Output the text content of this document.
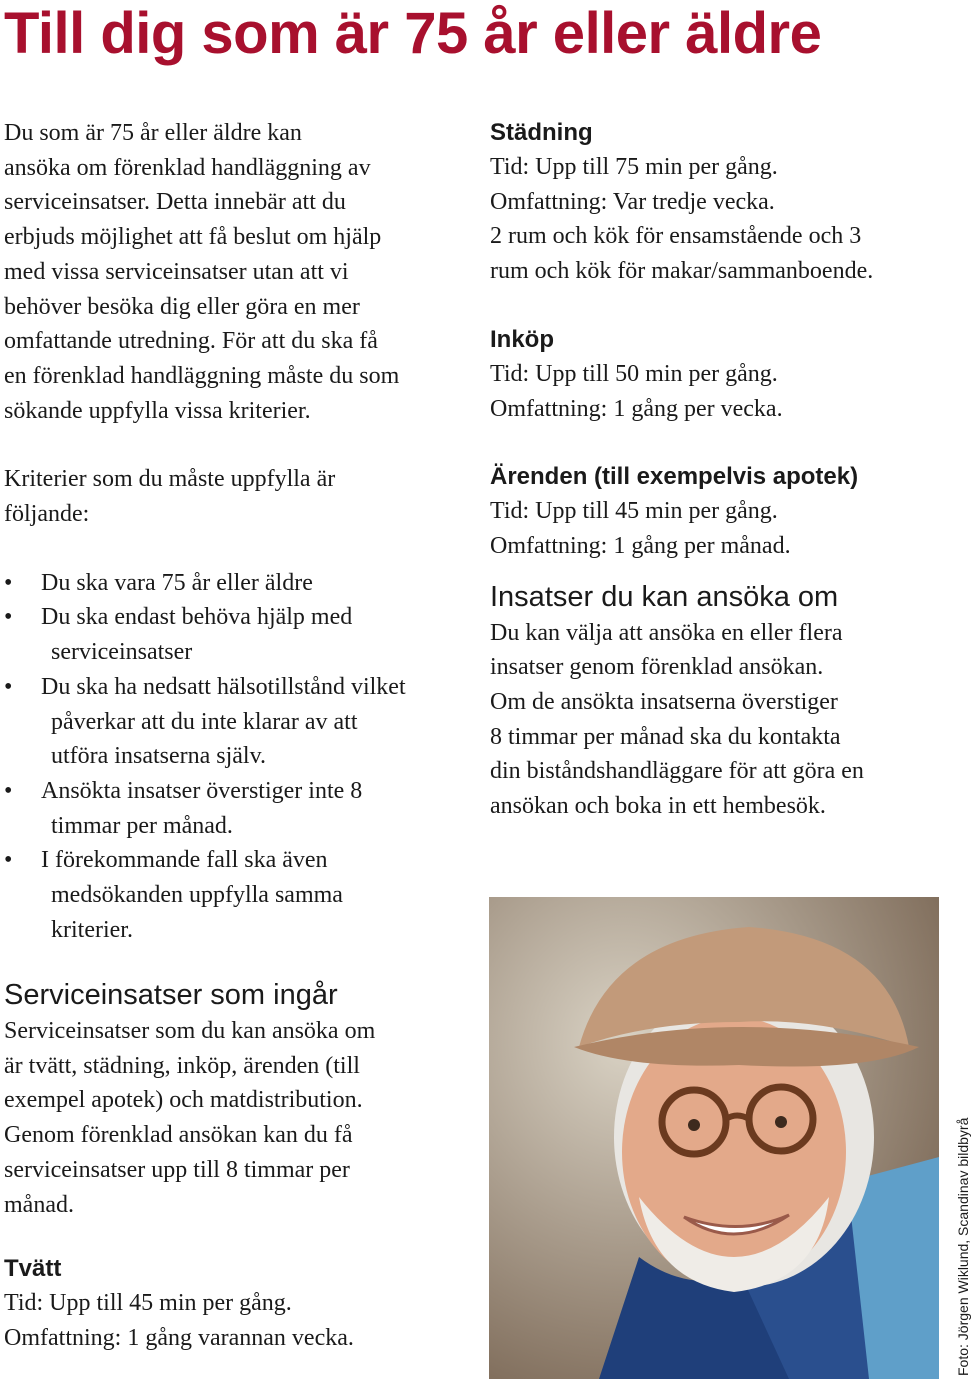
Till dig som är 75 år eller äldre

Du som är 75 år eller äldre kan
ansöka om förenklad handläggning av
serviceinsatser. Detta innebär att du
erbjuds möjlighet att få beslut om hjälp
med vissa serviceinsatser utan att vi
behöver besöka dig eller göra en mer
omfattande utredning. För att du ska få
en förenklad handläggning måste du som
sökande uppfylla vissa kriterier.

Kriterier som du måste uppfylla är
följande:

• Du ska vara 75 år eller äldre
• Du ska endast behöva hjälp med
serviceinsatser
• Du ska ha nedsatt hälsotillstånd vilket
påverkar att du inte klarar av att
utföra insatserna själv.
• Ansökta insatser överstiger inte 8
timmar per månad.
• I förekommande fall ska även
medsökanden uppfylla samma
kriterier.
Serviceinsatser som ingår

Serviceinsatser som du kan ansöka om
är tvätt, städning, inköp, ärenden (till
exempel apotek) och matdistribution.
Genom förenklad ansökan kan du få
serviceinsatser upp till 8 timmar per
månad.

Tvätt

Tid: Upp till 45 min per gång.
Omfattning: 1 gång varannan vecka.

Städning

Tid: Upp till 75 min per gång.
Omfattning: Var tredje vecka.
2 rum och kök för ensamstående och 3
rum och kök för makar/sammanboende.

Inköp

Tid: Upp till 50 min per gång.
Omfattning: 1 gång per vecka.

Ärenden (till exempelvis apotek)

Tid: Upp till 45 min per gång.
Omfattning: 1 gång per månad.

Insatser du kan ansöka om

Du kan välja att ansöka en eller flera
insatser genom förenklad ansökan.
Om de ansökta insatserna överstiger
8 timmar per månad ska du kontakta
din biståndshandläggare för att göra en
ansökan och boka in ett hembesök.

Foto: Jörgen Wiklund, Scandinav bildbyrå
